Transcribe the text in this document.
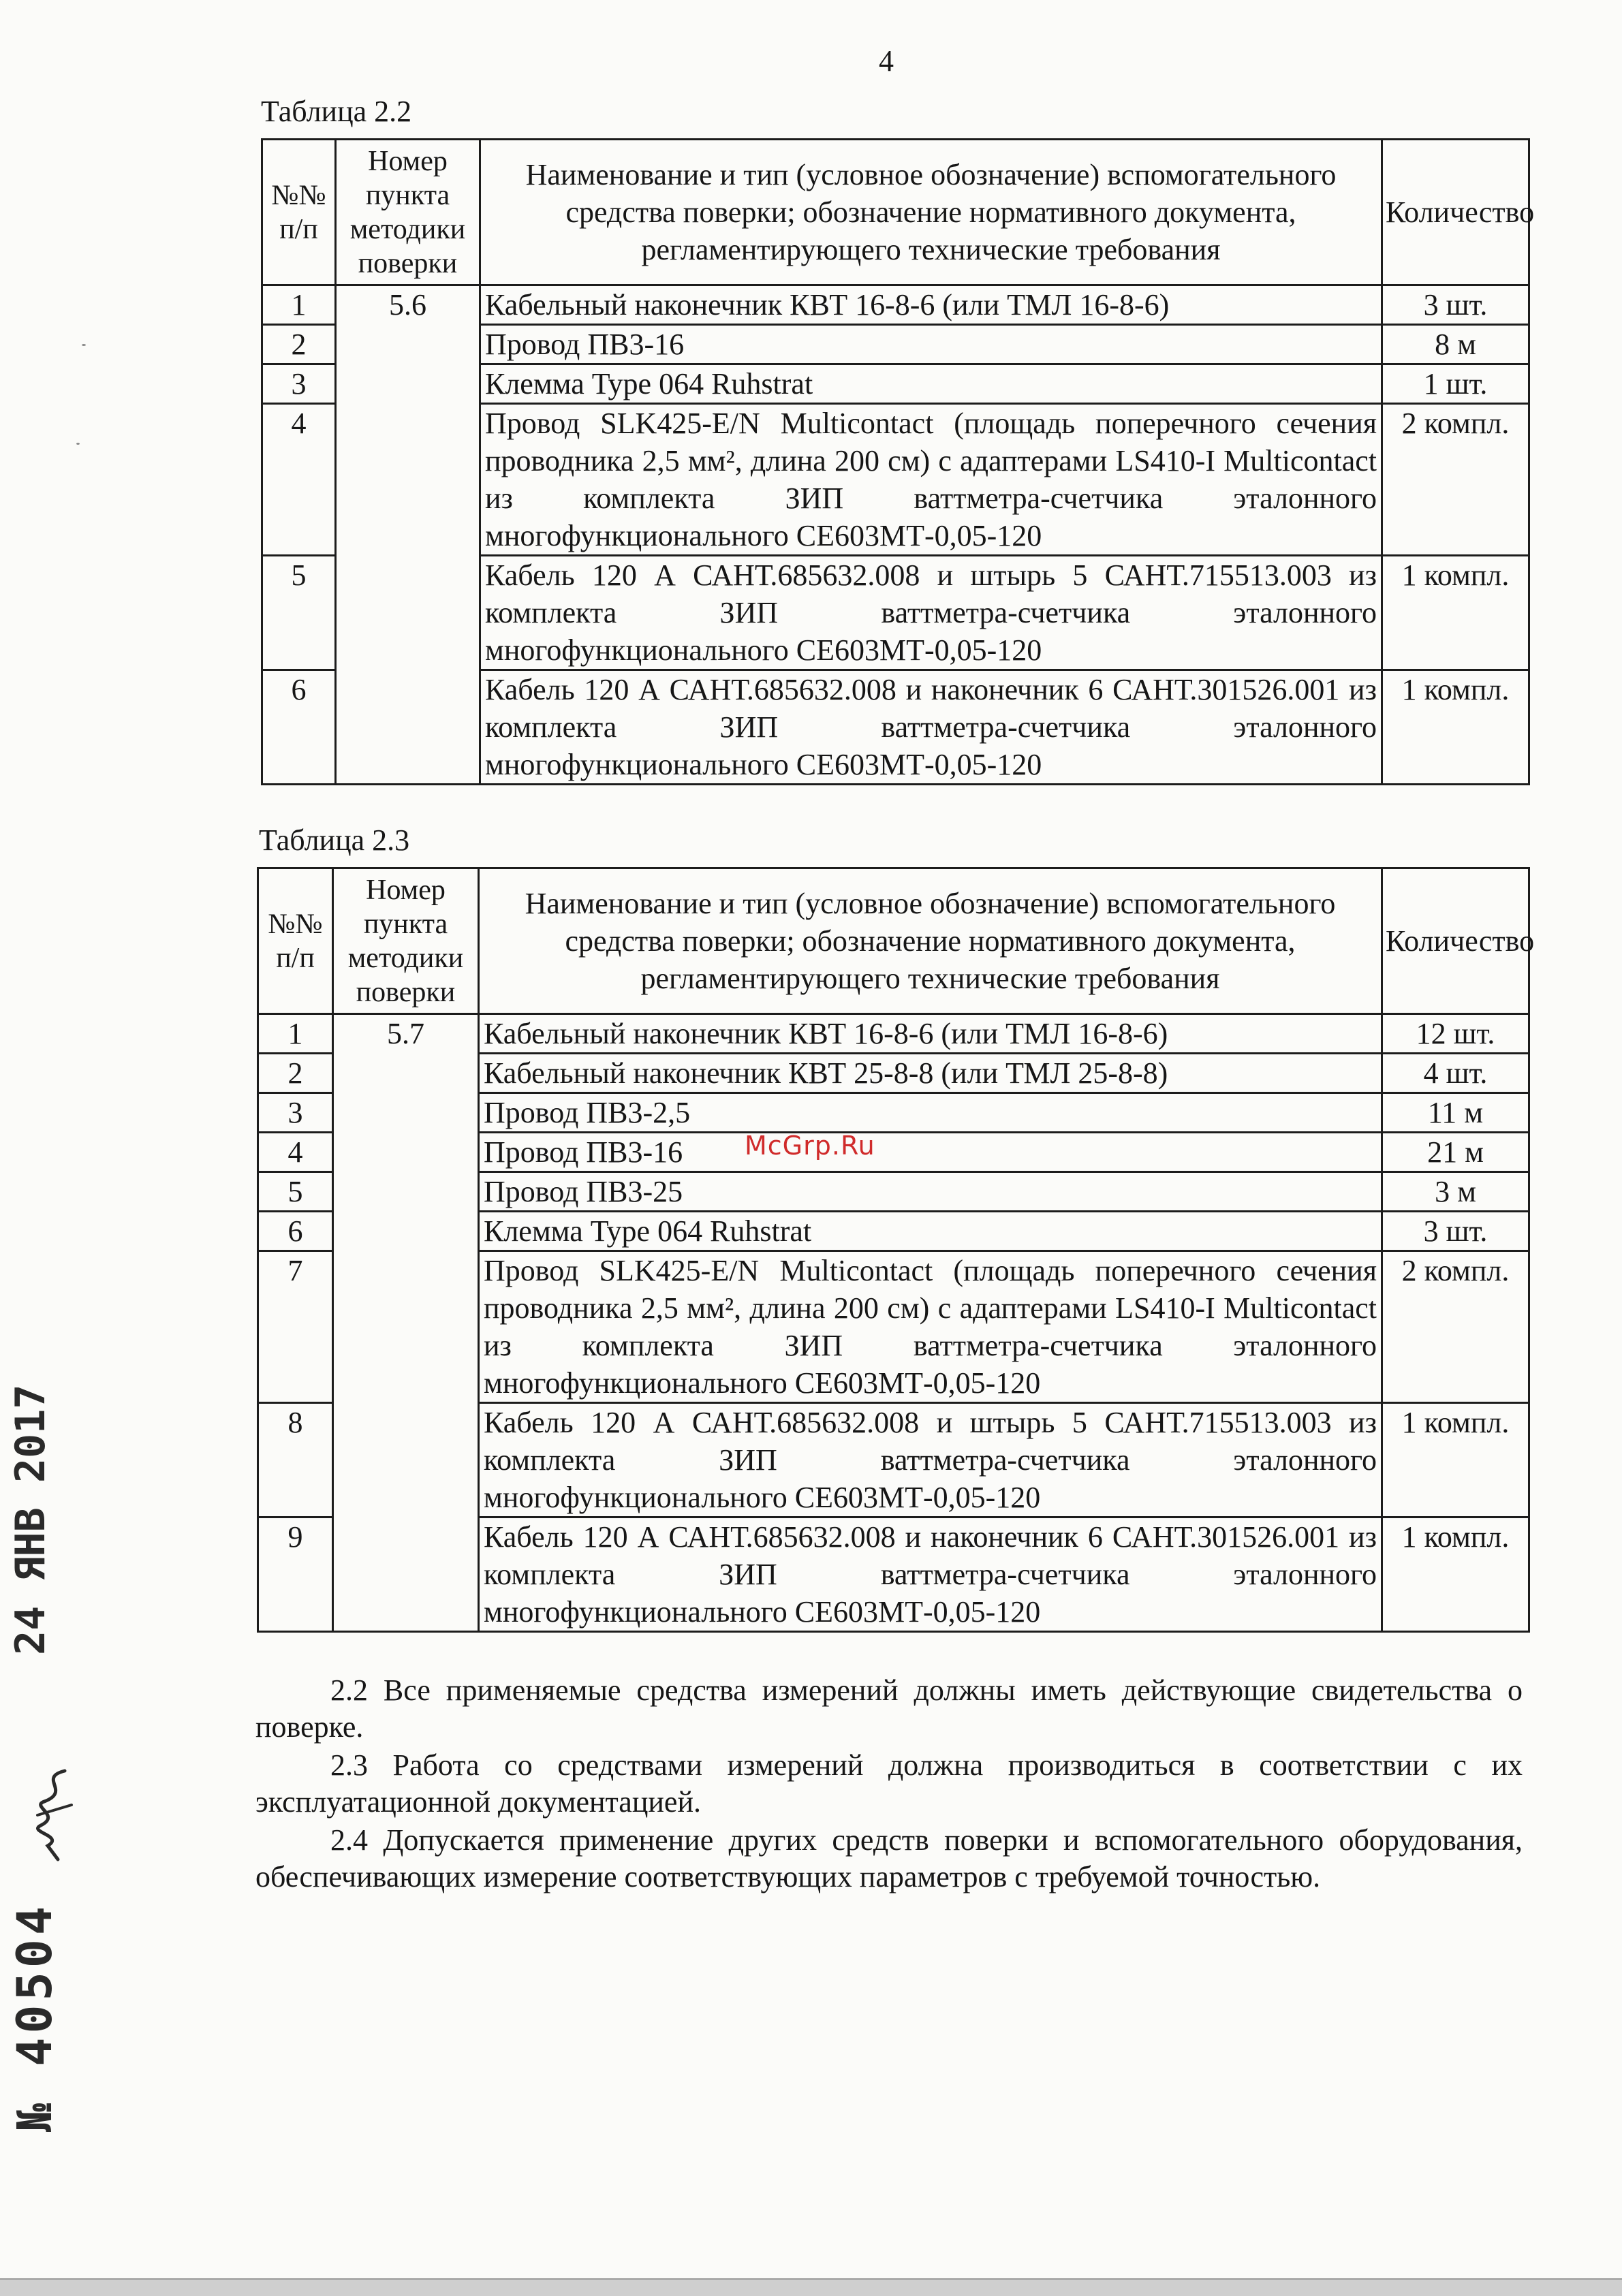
4
Таблица 2.2
№№ п/п	Номер пункта методики поверки	Наименование и тип (условное обозначение) вспомогательного средства поверки; обозначение нормативного документа, регламентирующего технические требования	Количество
1	5.6	Кабельный наконечник КВТ 16-8-6 (или ТМЛ 16-8-6)	3 шт.
2		Провод ПВ3-16	8 м
3		Клемма Type 064 Ruhstrat	1 шт.
4		Провод SLK425-E/N Multicontact (площадь поперечного сечения проводника 2,5 мм², длина 200 см) с адаптерами LS410-I Multicontact из комплекта ЗИП ваттметра-счетчика эталонного многофункционального СЕ603МТ-0,05-120	2 компл.
5		Кабель 120 А САНТ.685632.008 и штырь 5 САНТ.715513.003 из комплекта ЗИП ваттметра-счетчика эталонного многофункционального СЕ603МТ-0,05-120	1 компл.
6		Кабель 120 А САНТ.685632.008 и наконечник 6 САНТ.301526.001 из комплекта ЗИП ваттметра-счетчика эталонного многофункционального СЕ603МТ-0,05-120	1 компл.
Таблица 2.3
№№ п/п	Номер пункта методики поверки	Наименование и тип (условное обозначение) вспомогательного средства поверки; обозначение нормативного документа, регламентирующего технические требования	Количество
1	5.7	Кабельный наконечник КВТ 16-8-6 (или ТМЛ 16-8-6)	12 шт.
2		Кабельный наконечник КВТ 25-8-8 (или ТМЛ 25-8-8)	4 шт.
3		Провод ПВ3-2,5	11 м
4		Провод ПВ3-16	21 м
5		Провод ПВ3-25	3 м
6		Клемма Type 064 Ruhstrat	3 шт.
7		Провод SLK425-E/N Multicontact (площадь поперечного сечения проводника 2,5 мм², длина 200 см) с адаптерами LS410-I Multicontact из комплекта ЗИП ваттметра-счетчика эталонного многофункционального СЕ603МТ-0,05-120	2 компл.
8		Кабель 120 А САНТ.685632.008 и штырь 5 САНТ.715513.003 из комплекта ЗИП ваттметра-счетчика эталонного многофункционального СЕ603МТ-0,05-120	1 компл.
9		Кабель 120 А САНТ.685632.008 и наконечник 6 САНТ.301526.001 из комплекта ЗИП ваттметра-счетчика эталонного многофункционального СЕ603МТ-0,05-120	1 компл.
McGrp.Ru

2.2 Все применяемые средства измерений должны иметь действующие свидетельства о поверке.

2.3 Работа со средствами измерений должна производиться в соответствии с их эксплуатационной документацией.

2.4 Допускается применение других средств поверки и вспомогательного оборудования, обеспечивающих измерение соответствующих параметров с требуемой точностью.

24 ЯНВ 2017
№ 40504
